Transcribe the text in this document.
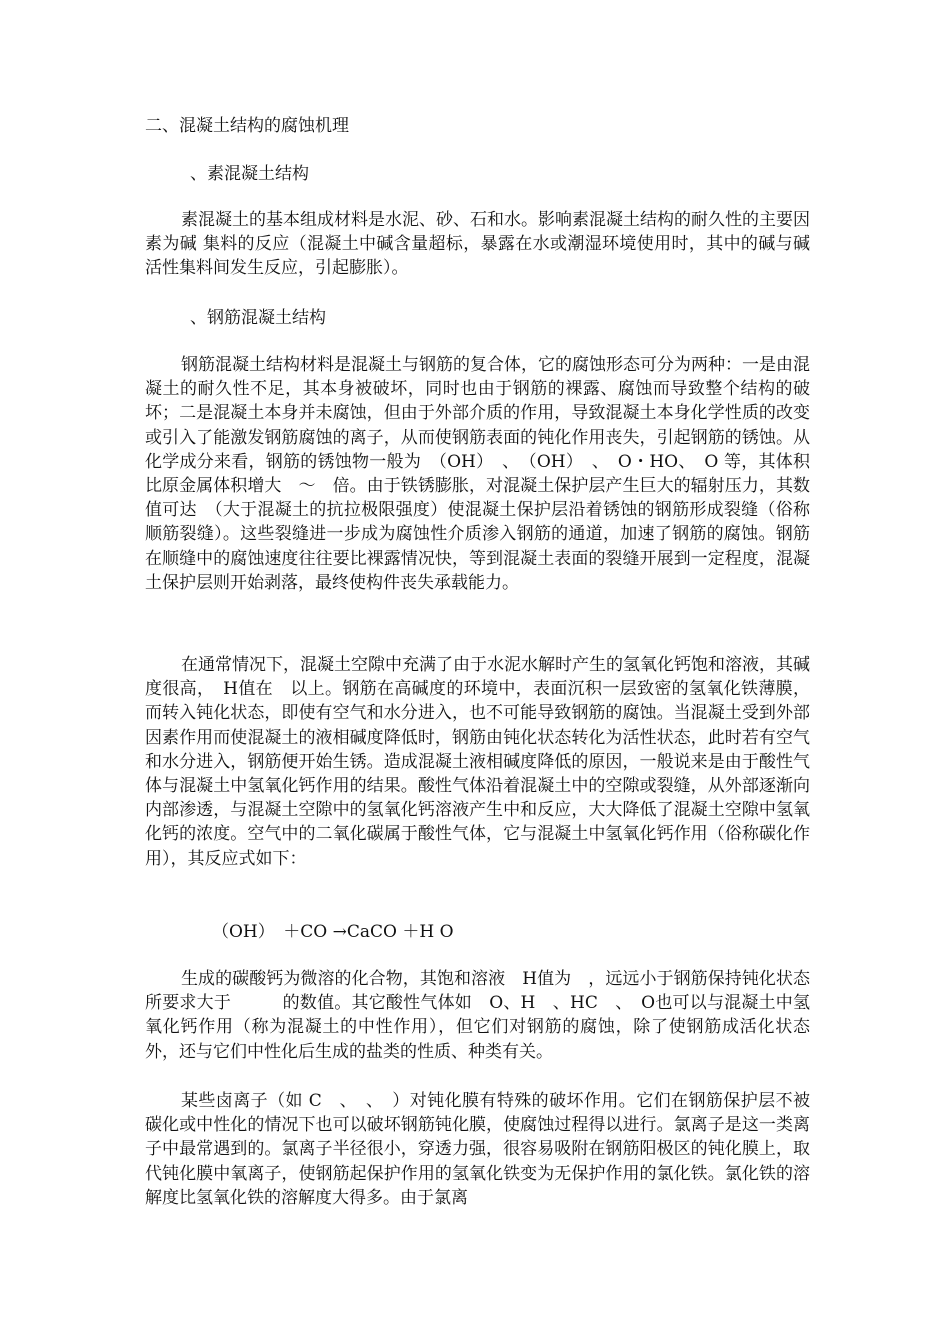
二、混凝土结构的腐蚀机理
、素混凝土结构

素混凝土的基本组成材料是水泥、砂、石和水。影响素混凝土结构的耐久性的主要因素为碱 集料的反应（混凝土中碱含量超标，暴露在水或潮湿环境使用时，其中的碱与碱活性集料间发生反应，引起膨胀）。

、钢筋混凝土结构

钢筋混凝土结构材料是混凝土与钢筋的复合体，它的腐蚀形态可分为两种：一是由混凝土的耐久性不足，其本身被破坏，同时也由于钢筋的裸露、腐蚀而导致整个结构的破坏；二是混凝土本身并未腐蚀，但由于外部介质的作用，导致混凝土本身化学性质的改变或引入了能激发钢筋腐蚀的离子，从而使钢筋表面的钝化作用丧失，引起钢筋的锈蚀。从化学成分来看，钢筋的锈蚀物一般为　（OH）　、　（OH）　、　O・HO、　O 等，其体积比原金属体积增大　～　倍。由于铁锈膨胀，对混凝土保护层产生巨大的辐射压力，其数值可达　（大于混凝土的抗拉极限强度）使混凝土保护层沿着锈蚀的钢筋形成裂缝（俗称顺筋裂缝）。这些裂缝进一步成为腐蚀性介质渗入钢筋的通道，加速了钢筋的腐蚀。钢筋在顺缝中的腐蚀速度往往要比裸露情况快，等到混凝土表面的裂缝开展到一定程度，混凝土保护层则开始剥落，最终使构件丧失承载能力。

在通常情况下，混凝土空隙中充满了由于水泥水解时产生的氢氧化钙饱和溶液，其碱度很高，　H值在　以上。钢筋在高碱度的环境中，表面沉积一层致密的氢氧化铁薄膜，而转入钝化状态，即使有空气和水分进入，也不可能导致钢筋的腐蚀。当混凝土受到外部因素作用而使混凝土的液相碱度降低时，钢筋由钝化状态转化为活性状态，此时若有空气和水分进入，钢筋便开始生锈。造成混凝土液相碱度降低的原因，一般说来是由于酸性气体与混凝土中氢氧化钙作用的结果。酸性气体沿着混凝土中的空隙或裂缝，从外部逐渐向内部渗透，与混凝土空隙中的氢氧化钙溶液产生中和反应，大大降低了混凝土空隙中氢氧化钙的浓度。空气中的二氧化碳属于酸性气体，它与混凝土中氢氧化钙作用（俗称碳化作用），其反应式如下：

（OH）　＋CO →CaCO ＋H O

生成的碳酸钙为微溶的化合物，其饱和溶液　H值为　，远远小于钢筋保持钝化状态所要求大于　　　的数值。其它酸性气体如　O、H　、HC　、　O也可以与混凝土中氢氧化钙作用（称为混凝土的中性作用），但它们对钢筋的腐蚀，除了使钢筋成活化状态外，还与它们中性化后生成的盐类的性质、种类有关。

某些卤离子（如 C　、　、　）对钝化膜有特殊的破坏作用。它们在钢筋保护层不被碳化或中性化的情况下也可以破坏钢筋钝化膜，使腐蚀过程得以进行。氯离子是这一类离子中最常遇到的。氯离子半径很小，穿透力强，很容易吸附在钢筋阳极区的钝化膜上，取代钝化膜中氧离子，使钢筋起保护作用的氢氧化铁变为无保护作用的氯化铁。氯化铁的溶解度比氢氧化铁的溶解度大得多。由于氯离
